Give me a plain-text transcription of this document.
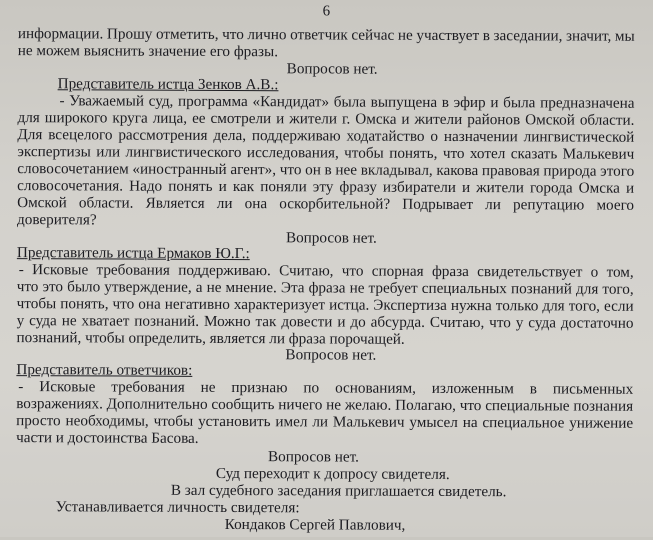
6
информации. Прошу отметить, что лично ответчик сейчас не участвует в заседании, значит, мы
не можем выяснить значение его фразы.
Вопросов нет.
Представитель истца Зенков А.В.:
- Уважаемый суд, программа «Кандидат» была выпущена в эфир и была предназначена
для широкого круга лица, ее смотрели и жители г. Омска и жители районов Омской области.
Для всецелого рассмотрения дела, поддерживаю ходатайство о назначении лингвистической
экспертизы или лингвистического исследования, чтобы понять, что хотел сказать Малькевич
словосочетанием «иностранный агент», что он в нее вкладывал, какова правовая природа этого
словосочетания. Надо понять и как поняли эту фразу избиратели и жители города Омска и
Омской области. Является ли она оскорбительной? Подрывает ли репутацию моего
доверителя?
Вопросов нет.
Представитель истца Ермаков Ю.Г.:
- Исковые требования поддерживаю. Считаю, что спорная фраза свидетельствует о том,
что это было утверждение, а не мнение. Эта фраза не требует специальных познаний для того,
чтобы понять, что она негативно характеризует истца. Экспертиза нужна только для того, если
у суда не хватает познаний. Можно так довести и до абсурда. Считаю, что у суда достаточно
познаний, чтобы определить, является ли фраза порочащей.
Вопросов нет.
Представитель ответчиков:
- Исковые требования не признаю по основаниям, изложенным в письменных
возражениях. Дополнительно сообщить ничего не желаю. Полагаю, что специальные познания
просто необходимы, чтобы установить имел ли Малькевич умысел на специальное унижение
части и достоинства Басова.
Вопросов нет.
Суд переходит к допросу свидетеля.
В зал судебного заседания приглашается свидетель.
Устанавливается личность свидетеля:
Кондаков Сергей Павлович,
